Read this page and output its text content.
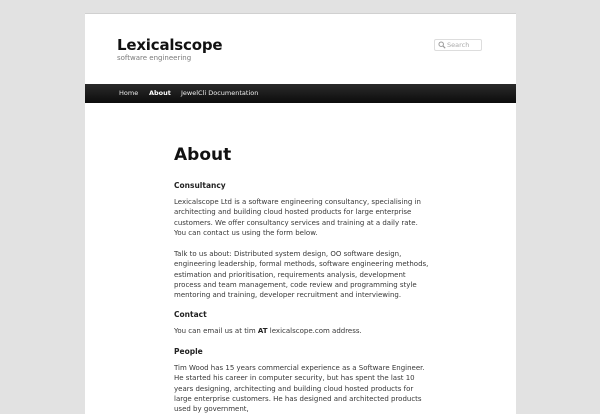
Lexicalscope
software engineering
Search
Home About JewelCli Documentation
About
Consultancy

Lexicalscope Ltd is a software engineering consultancy, specialising in architecting and building cloud hosted products for large enterprise customers. We offer consultancy services and training at a daily rate. You can contact us using the form below.

Talk to us about: Distributed system design, OO software design, engineering leadership, formal methods, software engineering methods, estimation and prioritisation, requirements analysis, development process and team management, code review and programming style mentoring and training, developer recruitment and interviewing.

Contact

You can email us at tim AT lexicalscope.com address.

People

Tim Wood has 15 years commercial experience as a Software Engineer. He started his career in computer security, but has spent the last 10 years designing, architecting and building cloud hosted products for large enterprise customers. He has designed and architected products used by government,
